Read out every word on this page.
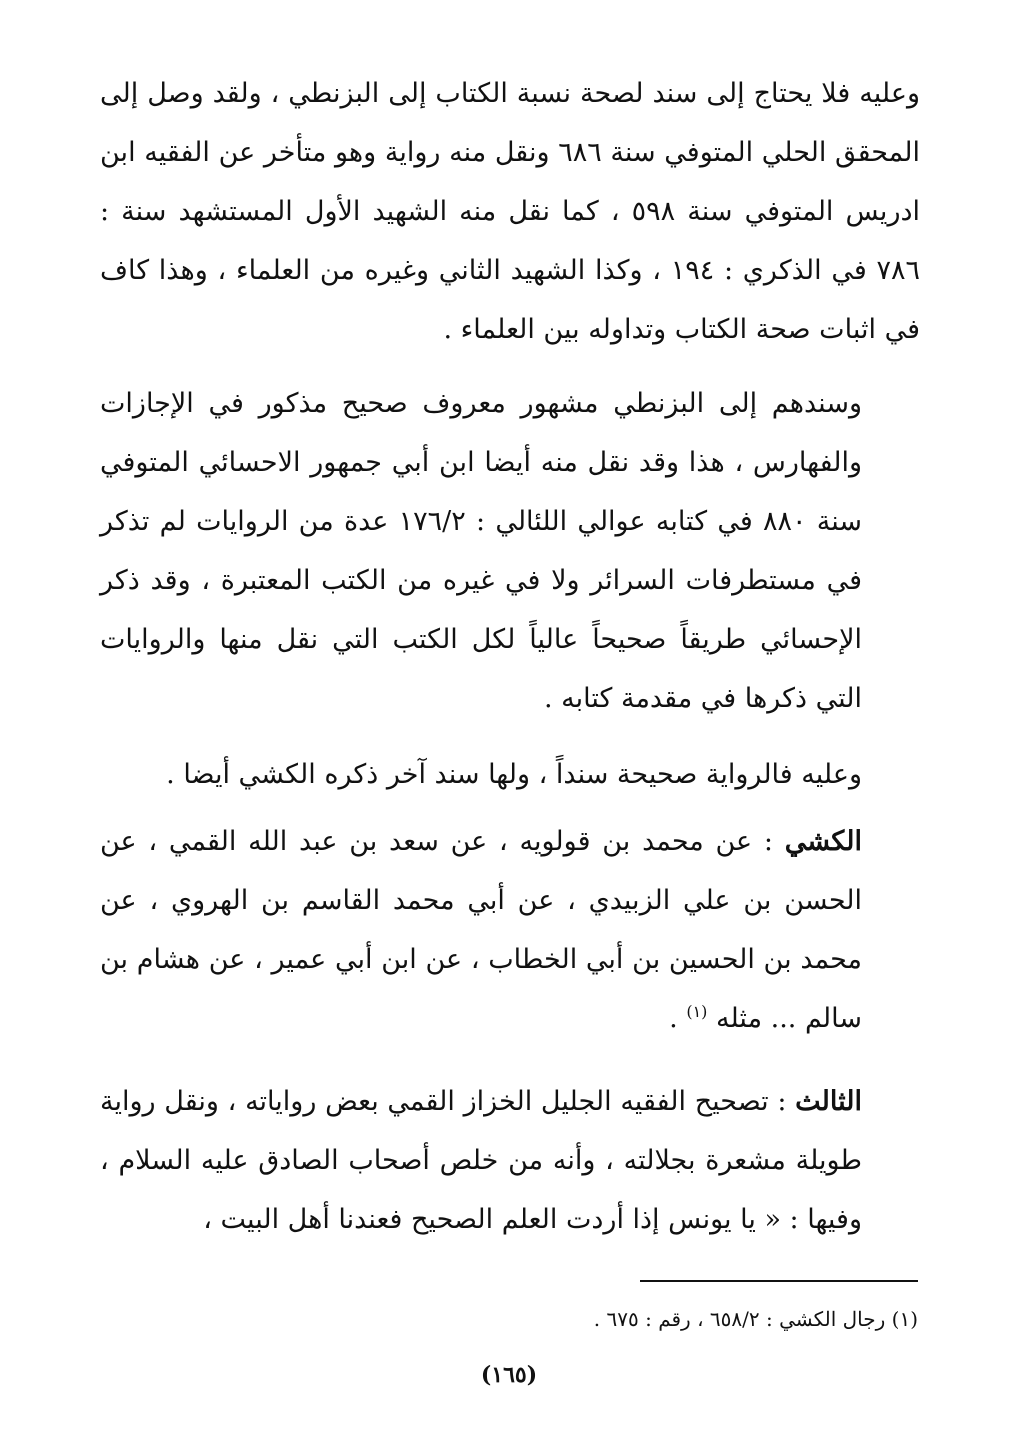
وعليه فلا يحتاج إلى سند لصحة نسبة الكتاب إلى البزنطي ، ولقد وصل إلى المحقق الحلي المتوفي سنة ٦٨٦ ونقل منه رواية وهو متأخر عن الفقيه ابن ادريس المتوفي سنة ٥٩٨ ، كما نقل منه الشهيد الأول المستشهد سنة : ٧٨٦ في الذكري : ١٩٤ ، وكذا الشهيد الثاني وغيره من العلماء ، وهذا كاف في اثبات صحة الكتاب وتداوله بين العلماء .

وسندهم إلى البزنطي مشهور معروف صحيح مذكور في الإجازات والفهارس ، هذا وقد نقل منه أيضا ابن أبي جمهور الاحسائي المتوفي سنة ٨٨٠ في كتابه عوالي اللئالي : ١٧٦/٢ عدة من الروايات لم تذكر في مستطرفات السرائر ولا في غيره من الكتب المعتبرة ، وقد ذكر الإحسائي طريقاً صحيحاً عالياً لكل الكتب التي نقل منها والروايات التي ذكرها في مقدمة كتابه .

وعليه فالرواية صحيحة سنداً ، ولها سند آخر ذكره الكشي أيضا .

الكشي : عن محمد بن قولويه ، عن سعد بن عبد الله القمي ، عن الحسن بن علي الزبيدي ، عن أبي محمد القاسم بن الهروي ، عن محمد بن الحسين بن أبي الخطاب ، عن ابن أبي عمير ، عن هشام بن سالم ... مثله $^{(١)}$ .

الثالث : تصحيح الفقيه الجليل الخزاز القمي بعض رواياته ، ونقل رواية طويلة مشعرة بجلالته ، وأنه من خلص أصحاب الصادق عليه السلام ، وفيها : « يا يونس إذا أردت العلم الصحيح فعندنا أهل البيت ،

(١) رجال الكشي : ٦٥٨/٢ ، رقم : ٦٧٥ .

(١٦٥)
